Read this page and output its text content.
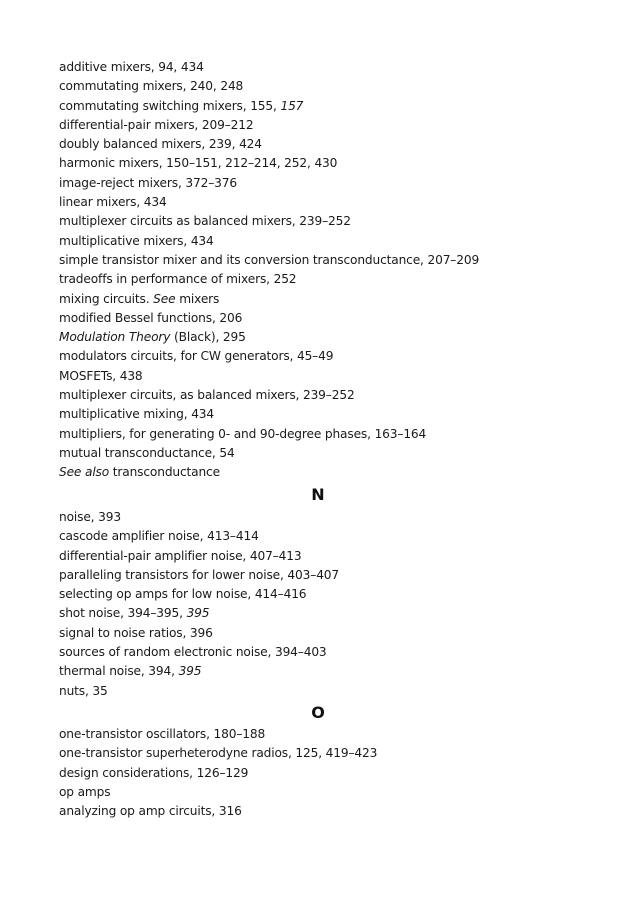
additive mixers, 94, 434
commutating mixers, 240, 248
commutating switching mixers, 155, 157
differential-pair mixers, 209–212
doubly balanced mixers, 239, 424
harmonic mixers, 150–151, 212–214, 252, 430
image-reject mixers, 372–376
linear mixers, 434
multiplexer circuits as balanced mixers, 239–252
multiplicative mixers, 434
simple transistor mixer and its conversion transconductance, 207–209
tradeoffs in performance of mixers, 252
mixing circuits. See mixers
modified Bessel functions, 206
Modulation Theory (Black), 295
modulators circuits, for CW generators, 45–49
MOSFETs, 438
multiplexer circuits, as balanced mixers, 239–252
multiplicative mixing, 434
multipliers, for generating 0- and 90-degree phases, 163–164
mutual transconductance, 54
See also transconductance
N
noise, 393
cascode amplifier noise, 413–414
differential-pair amplifier noise, 407–413
paralleling transistors for lower noise, 403–407
selecting op amps for low noise, 414–416
shot noise, 394–395, 395
signal to noise ratios, 396
sources of random electronic noise, 394–403
thermal noise, 394, 395
nuts, 35
O
one-transistor oscillators, 180–188
one-transistor superheterodyne radios, 125, 419–423
design considerations, 126–129
op amps
analyzing op amp circuits, 316
